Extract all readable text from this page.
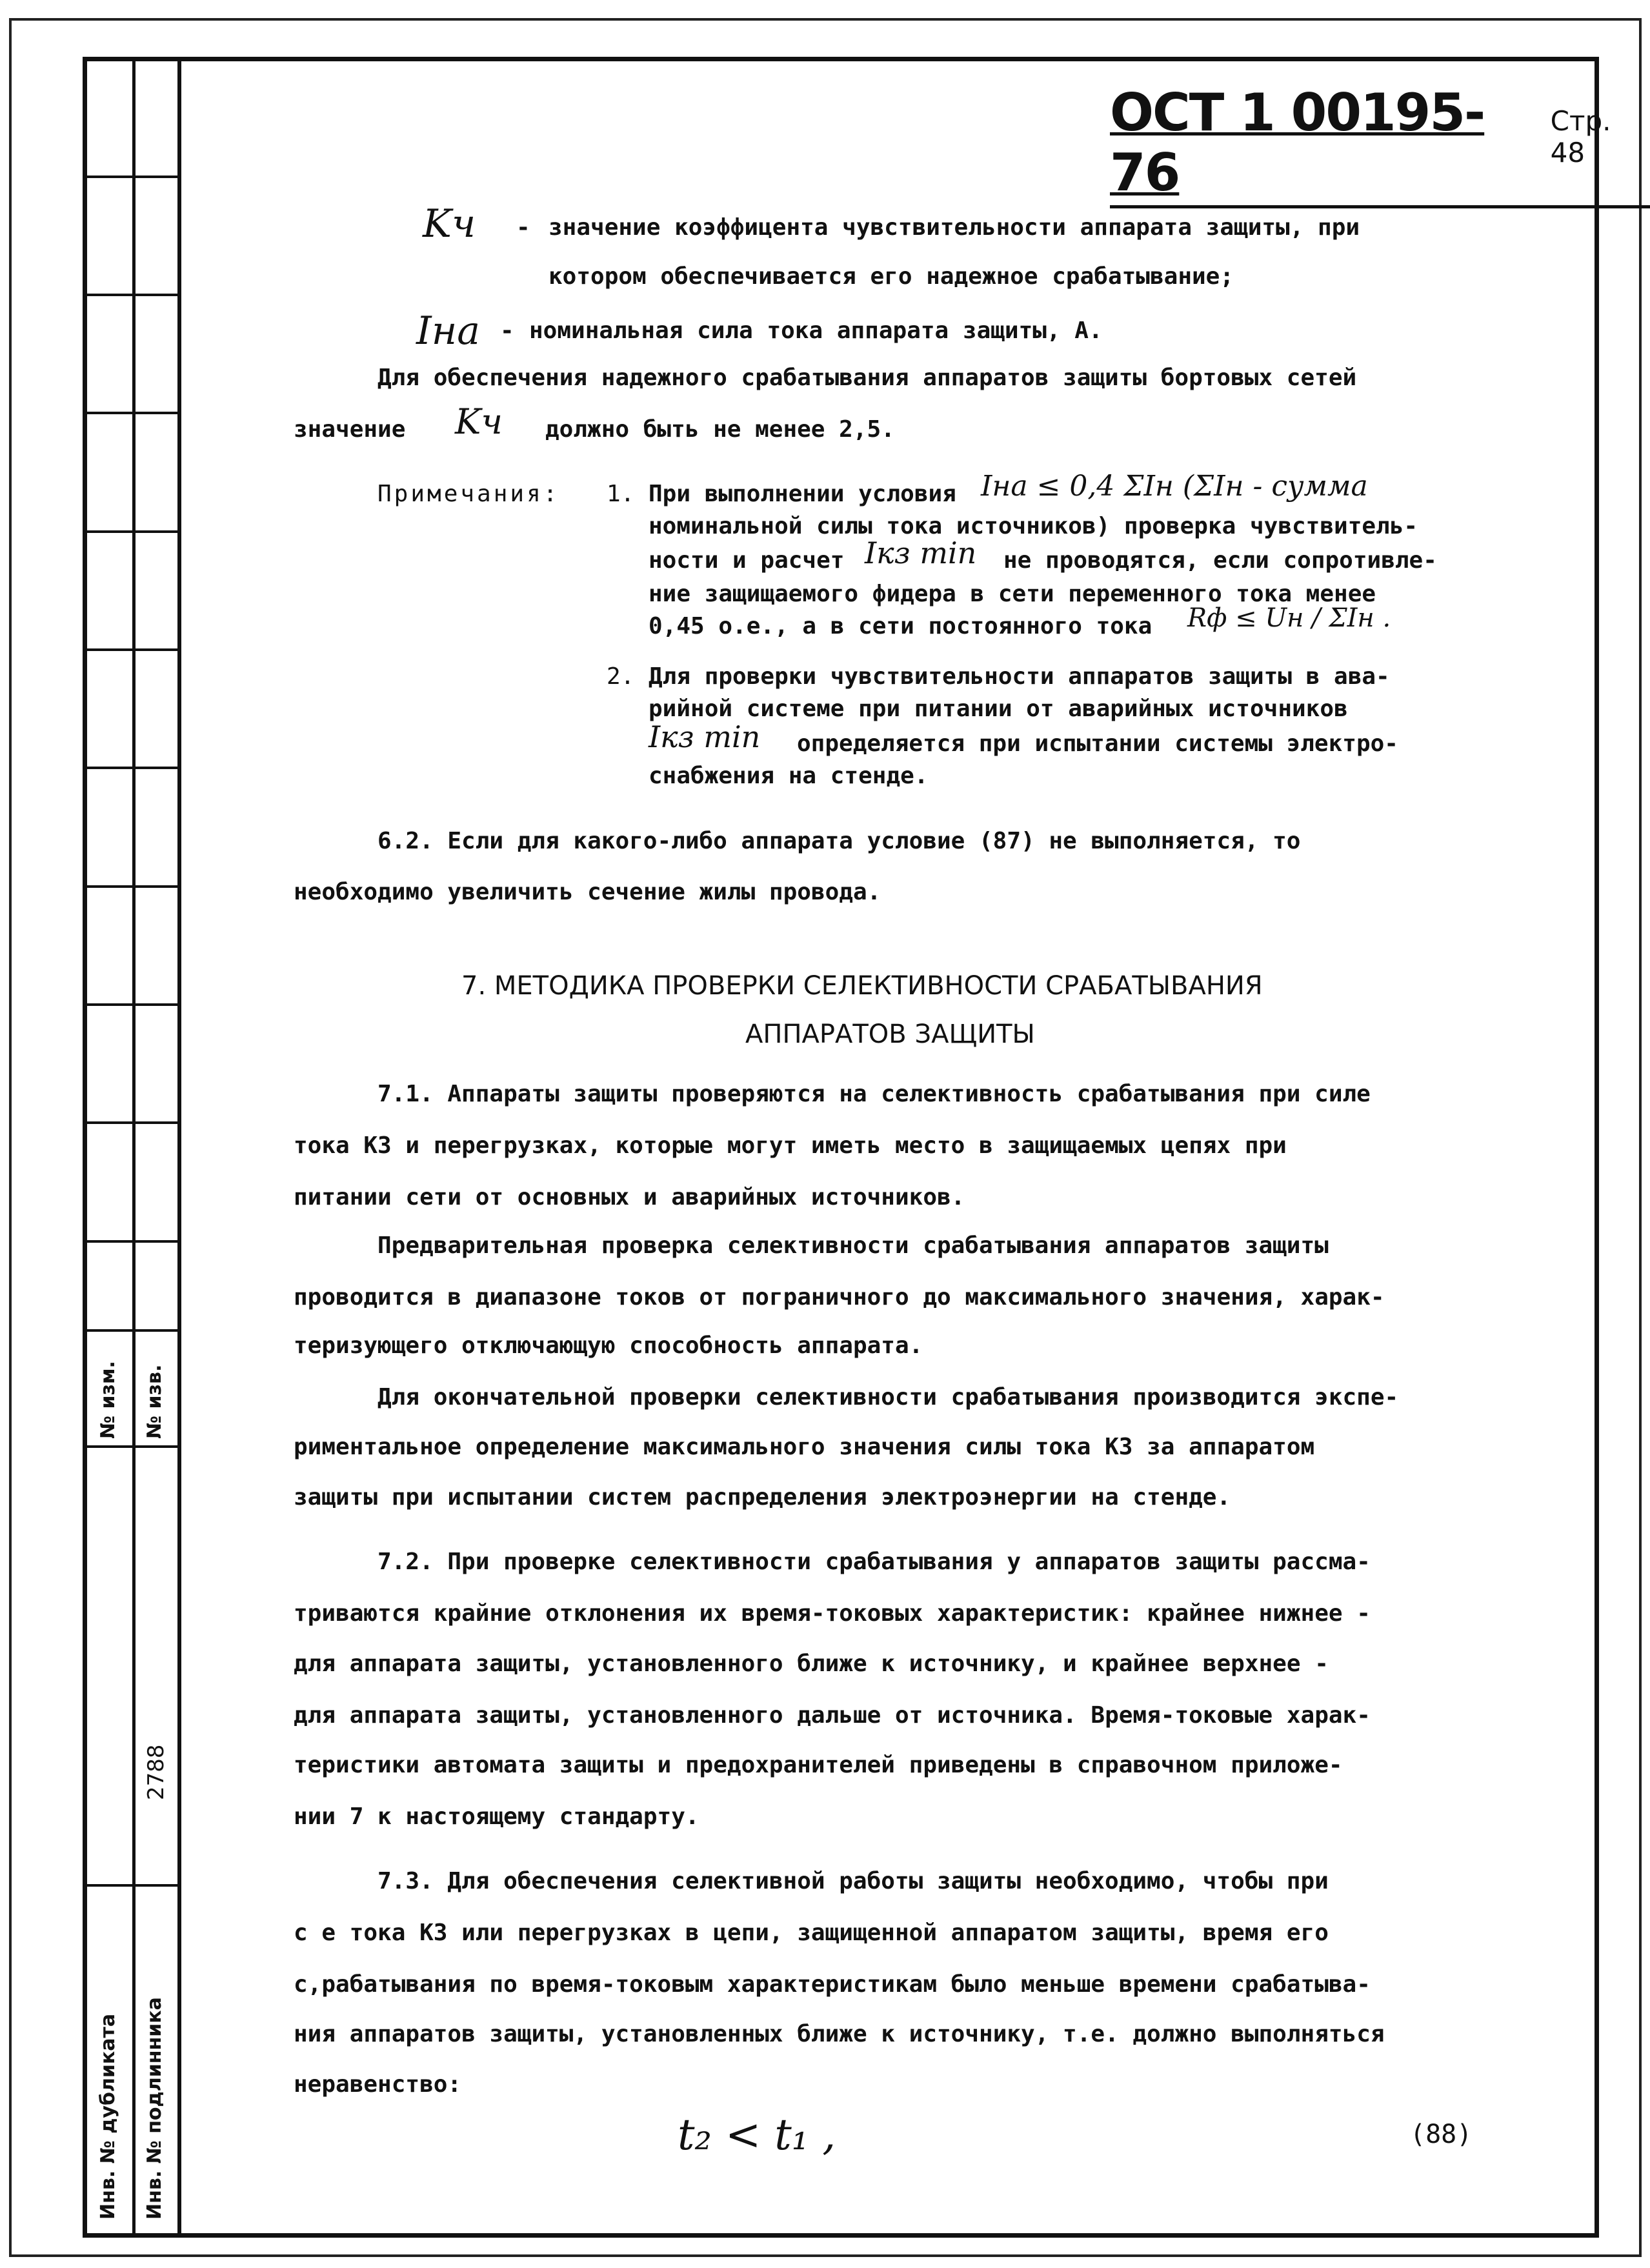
№ изм. № изв.
2788
Инв. № дубликата Инв. № подлинника
ОСТ 1 00195-76
Стр. 48
Kч - значение коэффицента чувствительности аппарата защиты, при
котором обеспечивается его надежное срабатывание;
Iна - номинальная сила тока аппарата защиты, А.
Для обеспечения надежного срабатывания аппаратов защиты бортовых сетей
значение Kч должно быть не менее 2,5.
Примечания: 1. При выполнении условия Iна ≤ 0,4 ΣIн (ΣIн - сумма
номинальной силы тока источников) проверка чувствитель-
ности и расчет Iкз min не проводятся, если сопротивле-
ние защищаемого фидера в сети переменного тока менее
0,45 о.е., а в сети постоянного тока Rф ≤ Uн / ΣIн .
2. Для проверки чувствительности аппаратов защиты в ава-
рийной системе при питании от аварийных источников
Iкз min определяется при испытании системы электро-
снабжения на стенде.
6.2. Если для какого-либо аппарата условие (87) не выполняется, то
необходимо увеличить сечение жилы провода.
7. МЕТОДИКА ПРОВЕРКИ СЕЛЕКТИВНОСТИ СРАБАТЫВАНИЯ
АППАРАТОВ ЗАЩИТЫ
7.1. Аппараты защиты проверяются на селективность срабатывания при силе
тока КЗ и перегрузках, которые могут иметь место в защищаемых цепях при
питании сети от основных и аварийных источников.
Предварительная проверка селективности срабатывания аппаратов защиты
проводится в диапазоне токов от пограничного до максимального значения, харак-
теризующего отключающую способность аппарата.
Для окончательной проверки селективности срабатывания производится экспе-
риментальное определение максимального значения силы тока КЗ за аппаратом
защиты при испытании систем распределения электроэнергии на стенде.
7.2. При проверке селективности срабатывания у аппаратов защиты рассма-
триваются крайние отклонения их время-токовых характеристик: крайнее нижнее -
для аппарата защиты, установленного ближе к источнику, и крайнее верхнее -
для аппарата защиты, установленного дальше от источника. Время-токовые харак-
теристики автомата защиты и предохранителей приведены в справочном приложе-
нии 7 к настоящему стандарту.
7.3. Для обеспечения селективной работы защиты необходимо, чтобы при
с е тока КЗ или перегрузках в цепи, защищенной аппаратом защиты, время его
с,рабатывания по время-токовым характеристикам было меньше времени срабатыва-
ния аппаратов защиты, установленных ближе к источнику, т.е. должно выполняться
неравенство:
t₂ < t₁ ,	(88)
